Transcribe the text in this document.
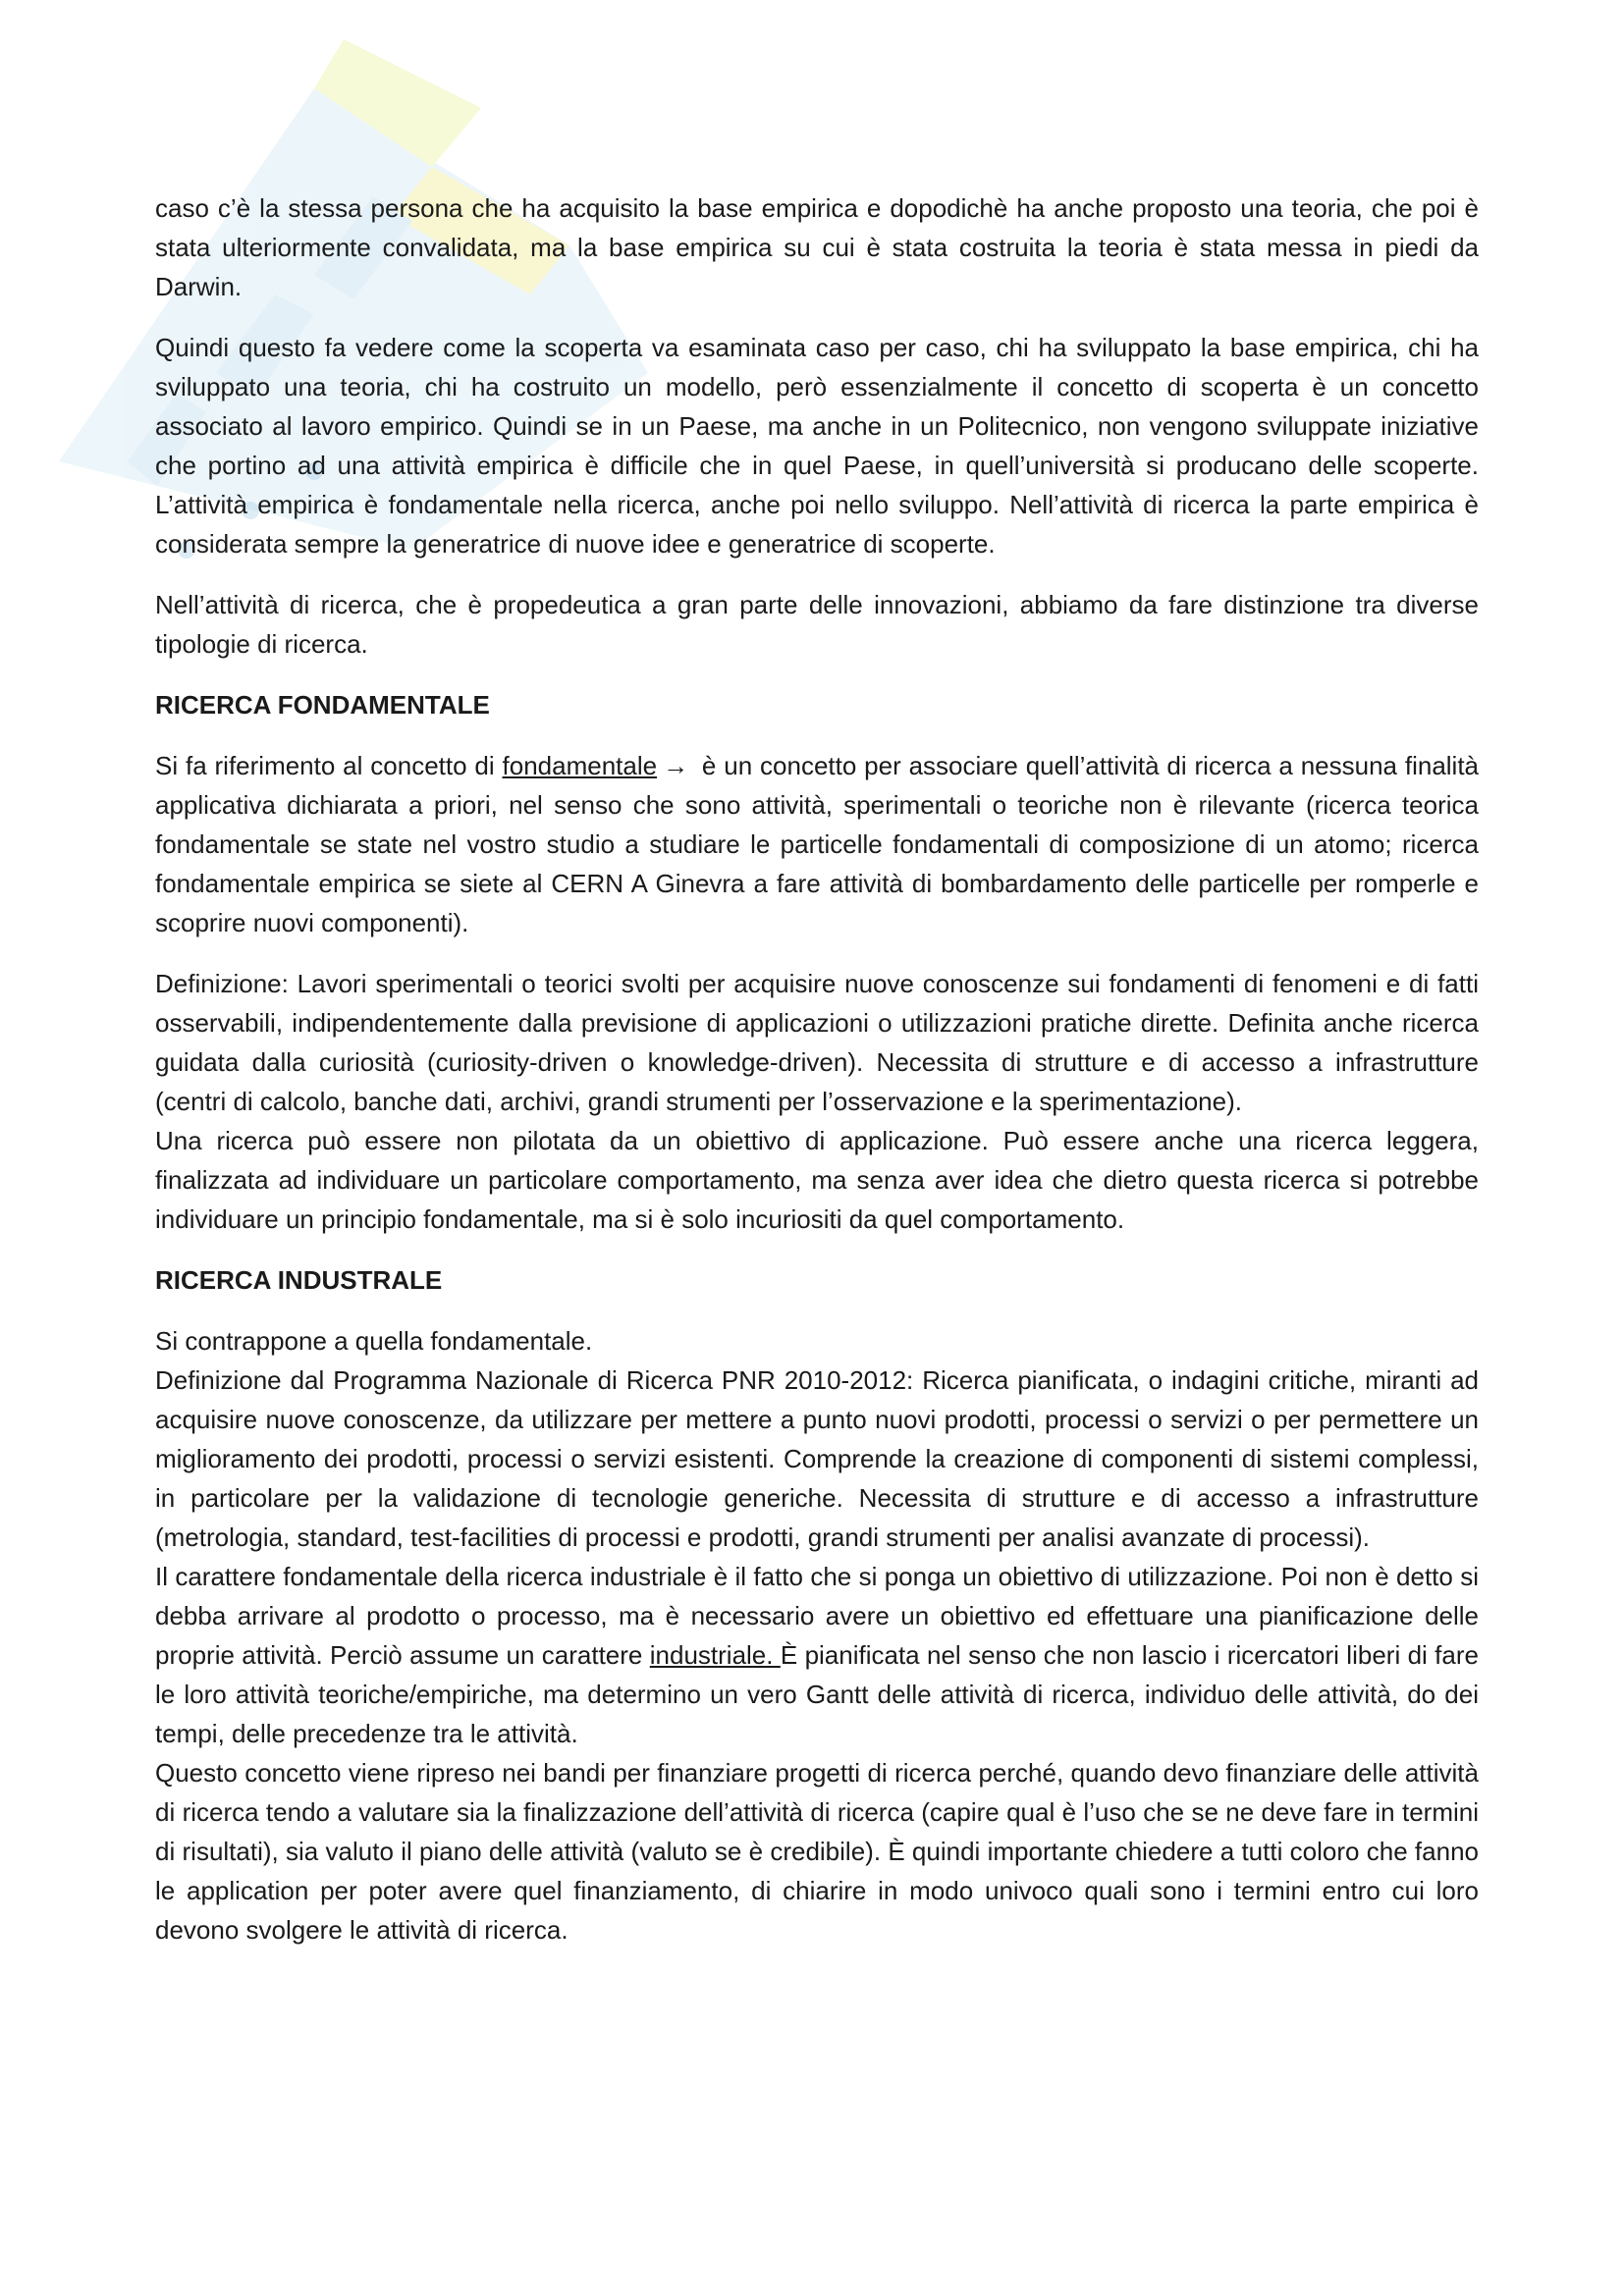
caso c’è la stessa persona che ha acquisito la base empirica e dopodichè ha anche proposto una teoria, che poi è stata ulteriormente convalidata, ma la base empirica su cui è stata costruita la teoria è stata messa in piedi da Darwin.

Quindi questo fa vedere come la scoperta va esaminata caso per caso, chi ha sviluppato la base empirica, chi ha sviluppato una teoria, chi ha costruito un modello, però essenzialmente il concetto di scoperta è un concetto associato al lavoro empirico. Quindi se in un Paese, ma anche in un Politecnico, non vengono sviluppate iniziative che portino ad una attività empirica è difficile che in quel Paese, in quell’università si producano delle scoperte. L’attività empirica è fondamentale nella ricerca, anche poi nello sviluppo. Nell’attività di ricerca la parte empirica è considerata sempre la generatrice di nuove idee e generatrice di scoperte.

Nell’attività di ricerca, che è propedeutica a gran parte delle innovazioni, abbiamo da fare distinzione tra diverse tipologie di ricerca.

RICERCA FONDAMENTALE

Si fa riferimento al concetto di fondamentale → è un concetto per associare quell’attività di ricerca a nessuna finalità applicativa dichiarata a priori, nel senso che sono attività, sperimentali o teoriche non è rilevante (ricerca teorica fondamentale se state nel vostro studio a studiare le particelle fondamentali di composizione di un atomo; ricerca fondamentale empirica se siete al CERN A Ginevra a fare attività di bombardamento delle particelle per romperle e scoprire nuovi componenti).

Definizione: Lavori sperimentali o teorici svolti per acquisire nuove conoscenze sui fondamenti di fenomeni e di fatti osservabili, indipendentemente dalla previsione di applicazioni o utilizzazioni pratiche dirette. Definita anche ricerca guidata dalla curiosità (curiosity-driven o knowledge-driven). Necessita di strutture e di accesso a infrastrutture (centri di calcolo, banche dati, archivi, grandi strumenti per l’osservazione e la sperimentazione).

Una ricerca può essere non pilotata da un obiettivo di applicazione. Può essere anche una ricerca leggera, finalizzata ad individuare un particolare comportamento, ma senza aver idea che dietro questa ricerca si potrebbe individuare un principio fondamentale, ma si è solo incuriositi da quel comportamento.

RICERCA INDUSTRALE

Si contrappone a quella fondamentale.

Definizione dal Programma Nazionale di Ricerca PNR 2010-2012: Ricerca pianificata, o indagini critiche, miranti ad acquisire nuove conoscenze, da utilizzare per mettere a punto nuovi prodotti, processi o servizi o per permettere un miglioramento dei prodotti, processi o servizi esistenti. Comprende la creazione di componenti di sistemi complessi, in particolare per la validazione di tecnologie generiche. Necessita di strutture e di accesso a infrastrutture (metrologia, standard, test-facilities di processi e prodotti, grandi strumenti per analisi avanzate di processi).

Il carattere fondamentale della ricerca industriale è il fatto che si ponga un obiettivo di utilizzazione. Poi non è detto si debba arrivare al prodotto o processo, ma è necessario avere un obiettivo ed effettuare una pianificazione delle proprie attività. Perciò assume un carattere industriale. È pianificata nel senso che non lascio i ricercatori liberi di fare le loro attività teoriche/empiriche, ma determino un vero Gantt delle attività di ricerca, individuo delle attività, do dei tempi, delle precedenze tra le attività.

Questo concetto viene ripreso nei bandi per finanziare progetti di ricerca perché, quando devo finanziare delle attività di ricerca tendo a valutare sia la finalizzazione dell’attività di ricerca (capire qual è l’uso che se ne deve fare in termini di risultati), sia valuto il piano delle attività (valuto se è credibile). È quindi importante chiedere a tutti coloro che fanno le application per poter avere quel finanziamento, di chiarire in modo univoco quali sono i termini entro cui loro devono svolgere le attività di ricerca.
